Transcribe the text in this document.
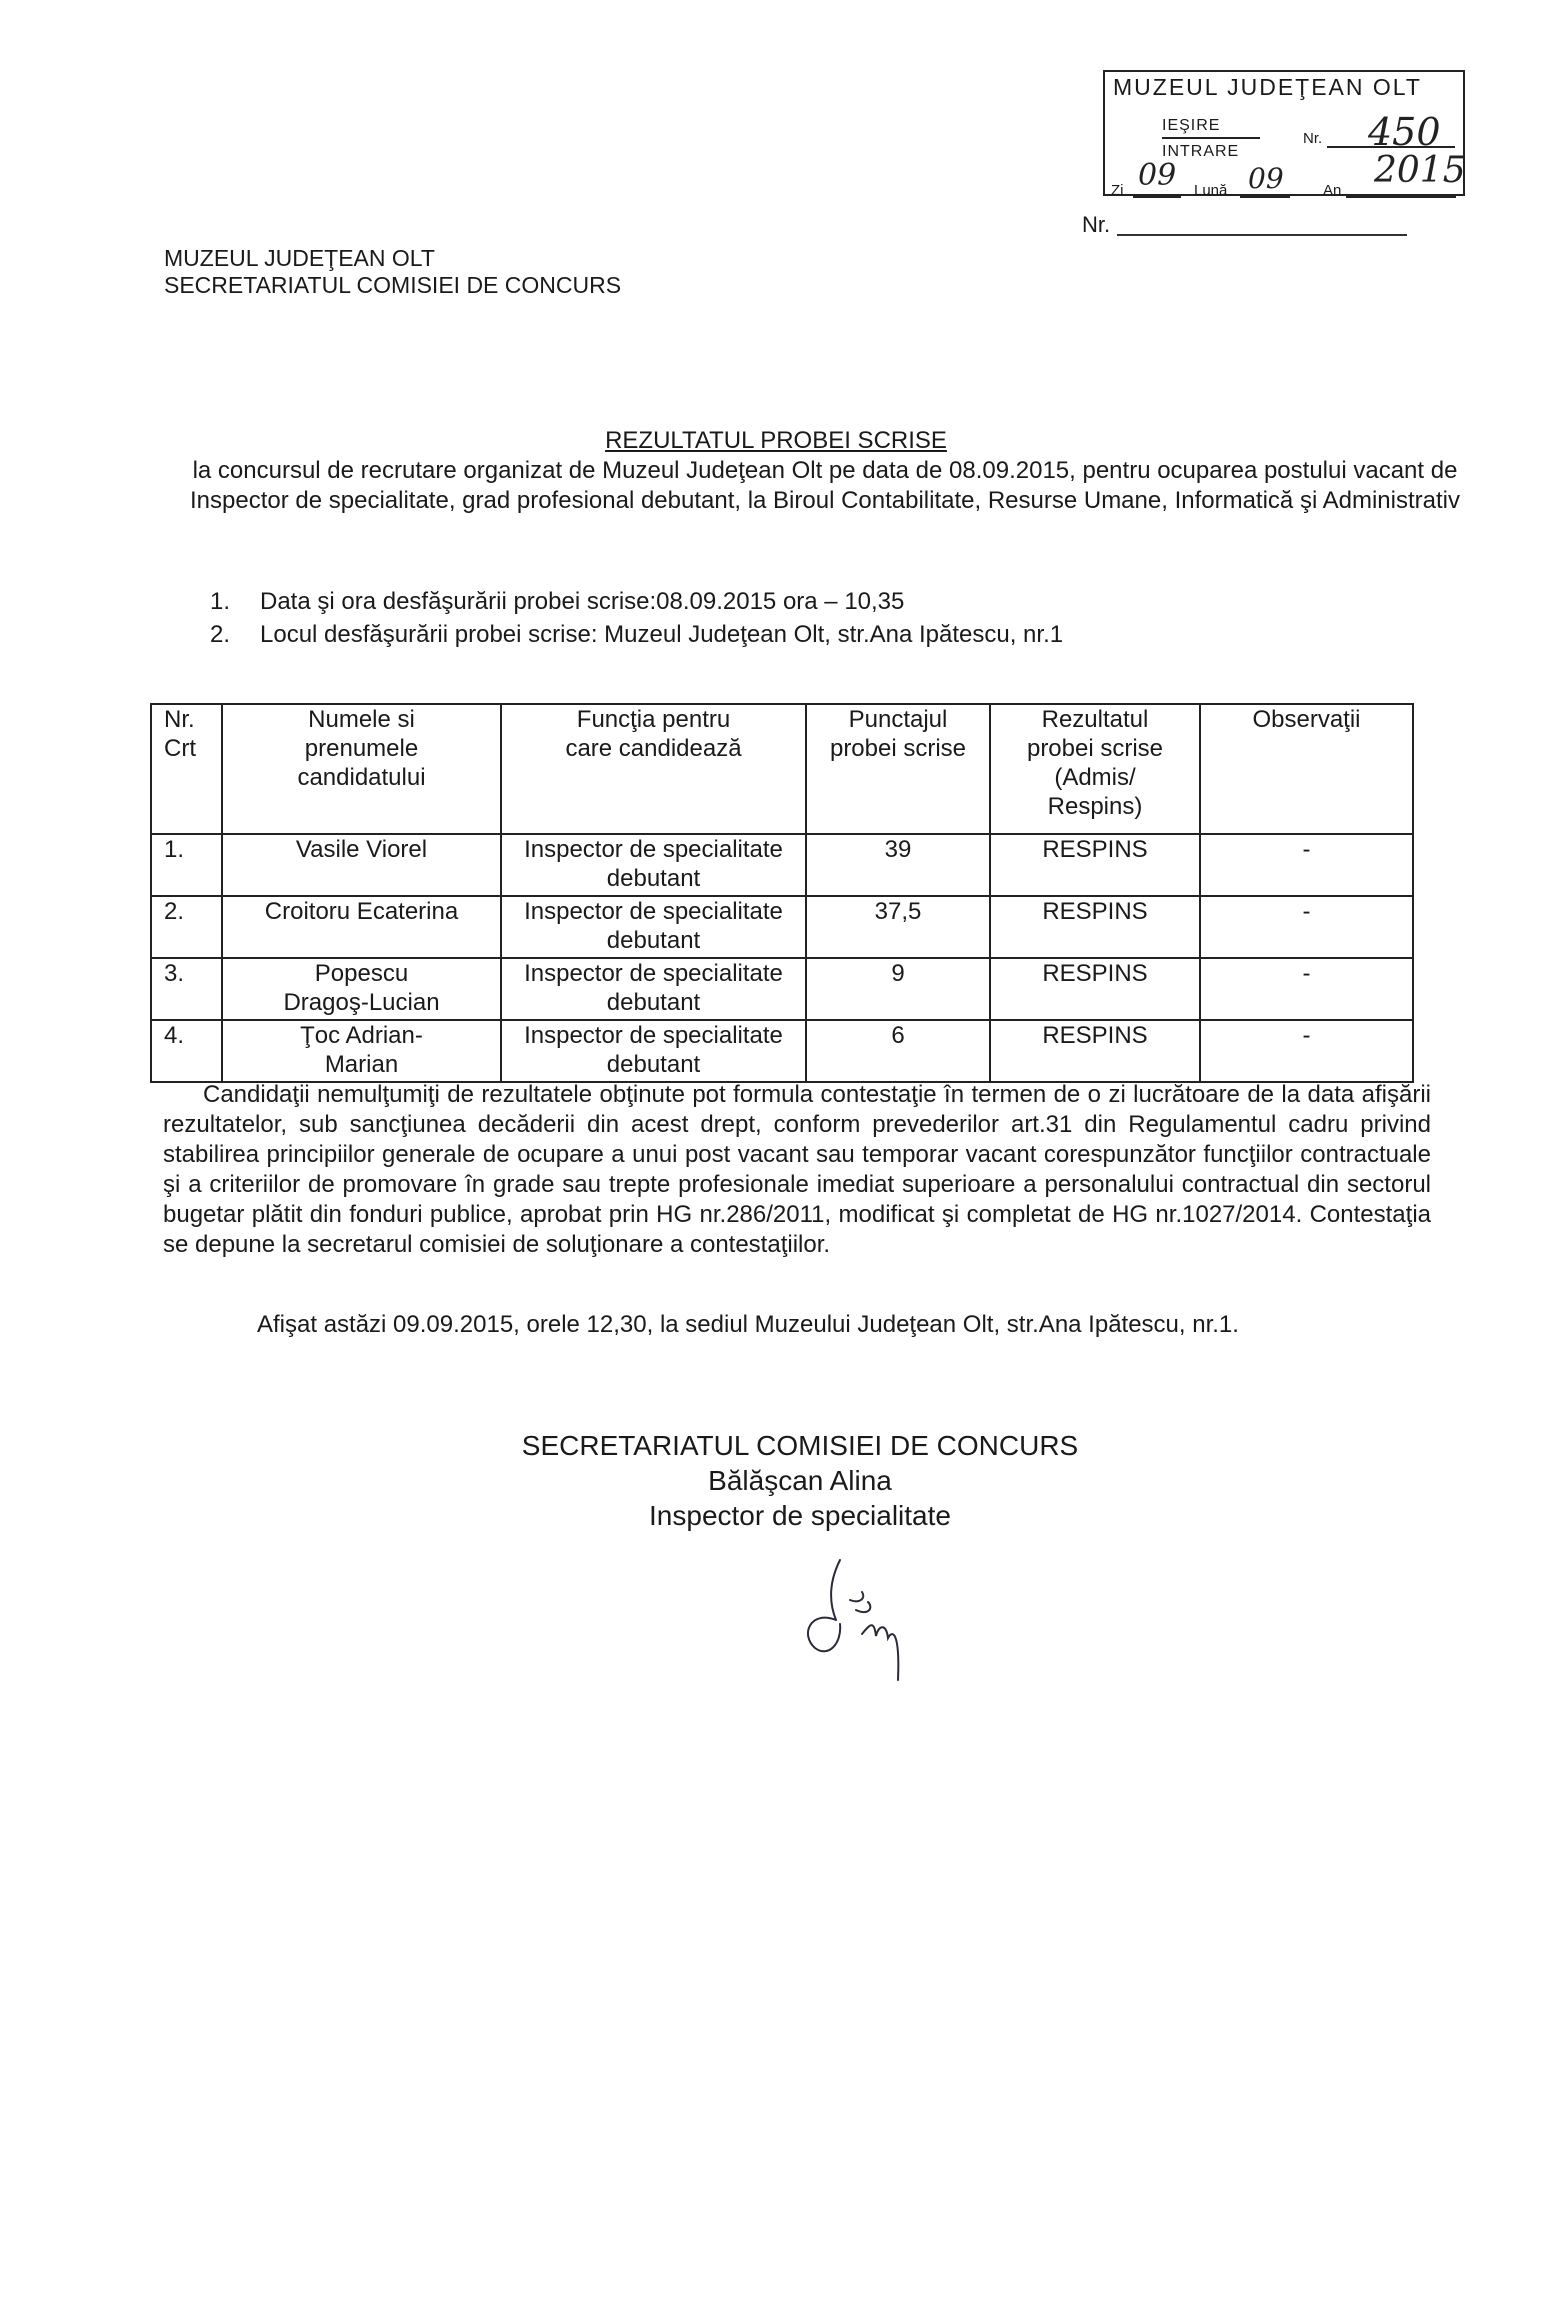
MUZEUL JUDEŢEAN OLT
IEŞIRE
INTRARE
Nr. 450
Zi	Lună	An
09	09	2015
Nr.
MUZEUL JUDEŢEAN OLT
SECRETARIATUL COMISIEI DE CONCURS
REZULTATUL PROBEI SCRISE
la concursul de recrutare organizat de Muzeul Judeţean Olt pe data de 08.09.2015, pentru ocuparea postului vacant de Inspector de specialitate, grad profesional debutant, la Biroul Contabilitate, Resurse Umane, Informatică şi Administrativ
1. Data şi ora desfăşurării probei scrise:08.09.2015 ora – 10,35
2. Locul desfăşurării probei scrise: Muzeul Judeţean Olt, str.Ana Ipătescu, nr.1
Nr. Crt	Numele si prenumele candidatului	Funcţia pentru care candidează	Punctajul probei scrise	Rezultatul probei scrise (Admis/ Respins)	Observaţii
1.	Vasile Viorel	Inspector de specialitate debutant	39	RESPINS	-
2.	Croitoru Ecaterina	Inspector de specialitate debutant	37,5	RESPINS	-
3.	Popescu Dragoş-Lucian	Inspector de specialitate debutant	9	RESPINS	-
4.	Ţoc Adrian-Marian	Inspector de specialitate debutant	6	RESPINS	-

Candidaţii nemulţumiţi de rezultatele obţinute pot formula contestaţie în termen de o zi lucrătoare de la data afişării rezultatelor, sub sancţiunea decăderii din acest drept, conform prevederilor art.31 din Regulamentul cadru privind stabilirea principiilor generale de ocupare a unui post vacant sau temporar vacant corespunzător funcţiilor contractuale şi a criteriilor de promovare în grade sau trepte profesionale imediat superioare a personalului contractual din sectorul bugetar plătit din fonduri publice, aprobat prin HG nr.286/2011, modificat şi completat de HG nr.1027/2014. Contestaţia se depune la secretarul comisiei de soluţionare a contestaţiilor.

Afişat astăzi 09.09.2015, orele 12,30, la sediul Muzeului Judeţean Olt, str.Ana Ipătescu, nr.1.
SECRETARIATUL COMISIEI DE CONCURS
Bălăşcan Alina
Inspector de specialitate
